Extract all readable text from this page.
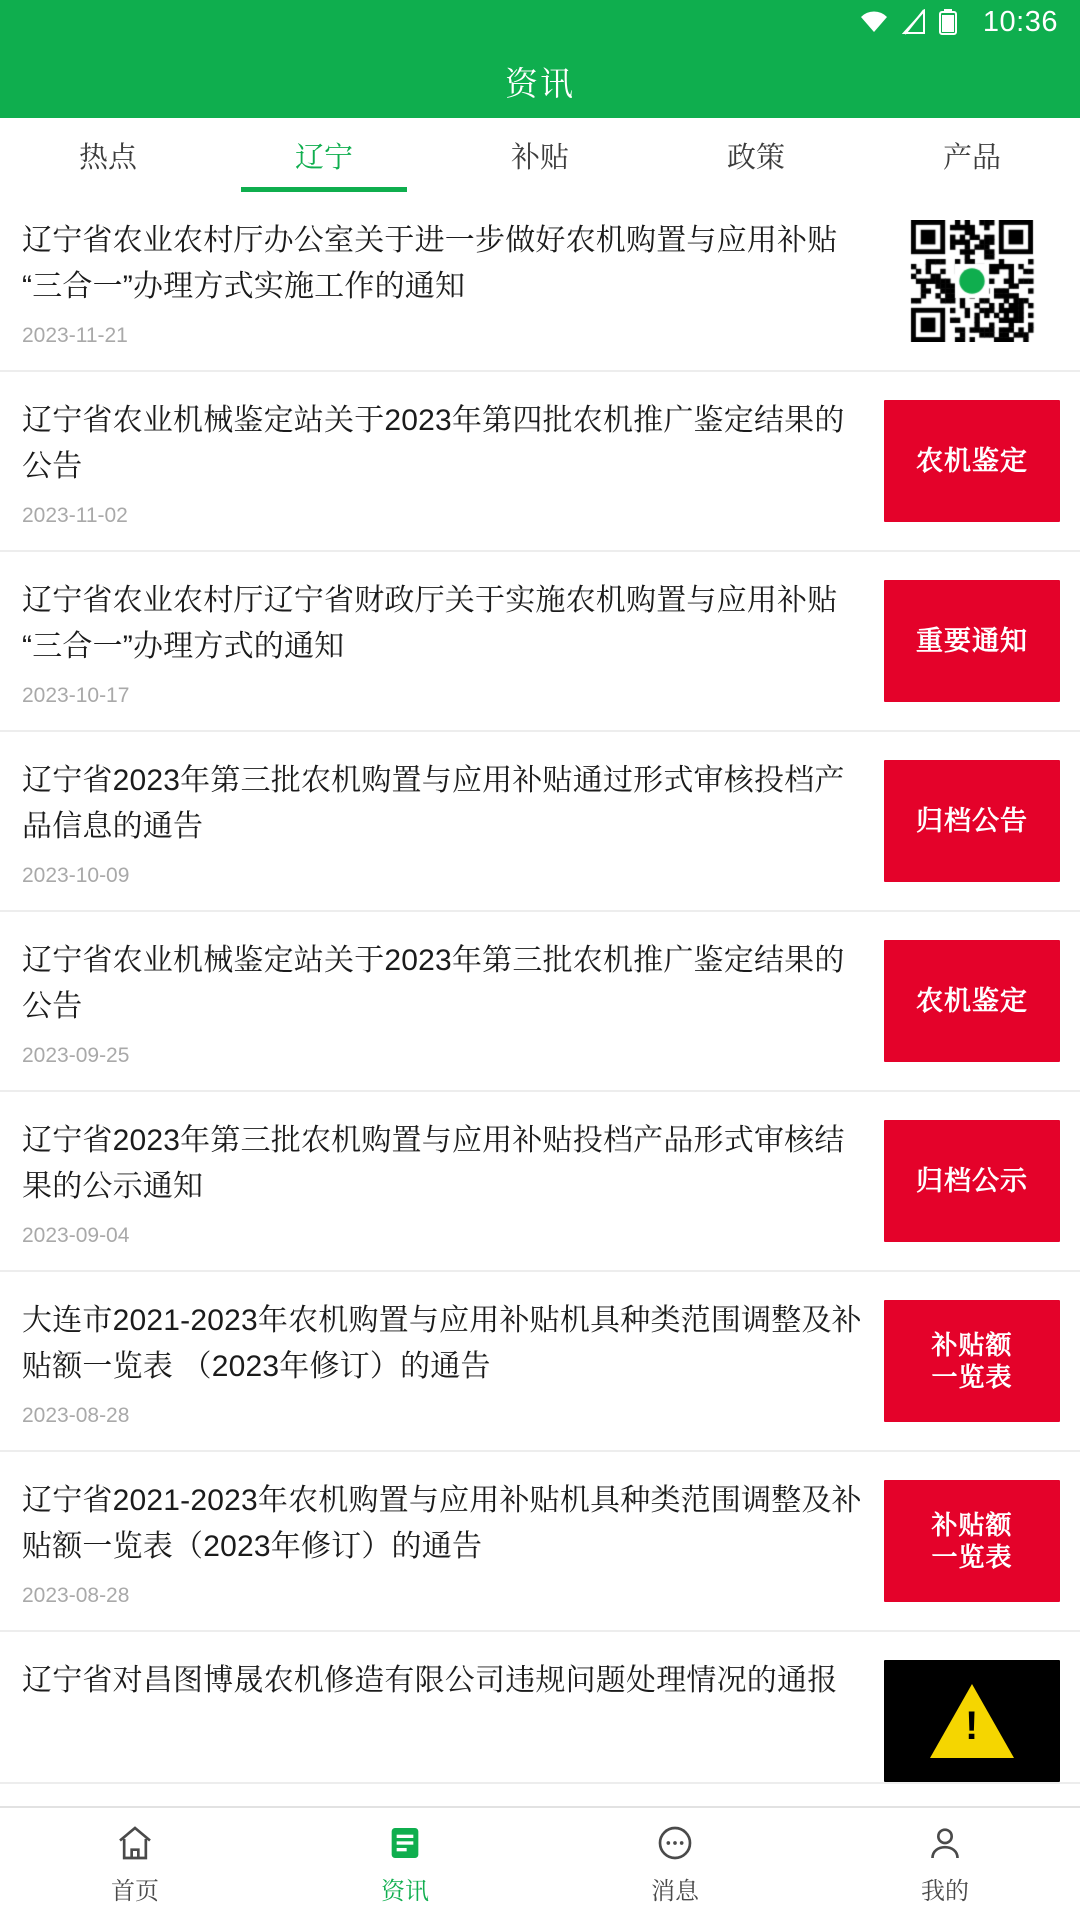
10:36
资讯
热点	辽宁	补贴	政策	产品
辽宁省农业农村厅办公室关于进一步做好农机购置与应用补贴“三合一”办理方式实施工作的通知
2023-11-21
辽宁省农业机械鉴定站关于2023年第四批农机推广鉴定结果的公告
2023-11-02
农机鉴定
辽宁省农业农村厅辽宁省财政厅关于实施农机购置与应用补贴“三合一”办理方式的通知
2023-10-17
重要通知
辽宁省2023年第三批农机购置与应用补贴通过形式审核投档产品信息的通告
2023-10-09
归档公告
辽宁省农业机械鉴定站关于2023年第三批农机推广鉴定结果的公告
2023-09-25
农机鉴定
辽宁省2023年第三批农机购置与应用补贴投档产品形式审核结果的公示通知
2023-09-04
归档公示
大连市2021-2023年农机购置与应用补贴机具种类范围调整及补贴额一览表 （2023年修订）的通告
2023-08-28
补贴额
一览表
辽宁省2021-2023年农机购置与应用补贴机具种类范围调整及补贴额一览表（2023年修订）的通告
2023-08-28
补贴额
一览表
辽宁省对昌图博晟农机修造有限公司违规问题处理情况的通报
!
首页	资讯	消息	我的
